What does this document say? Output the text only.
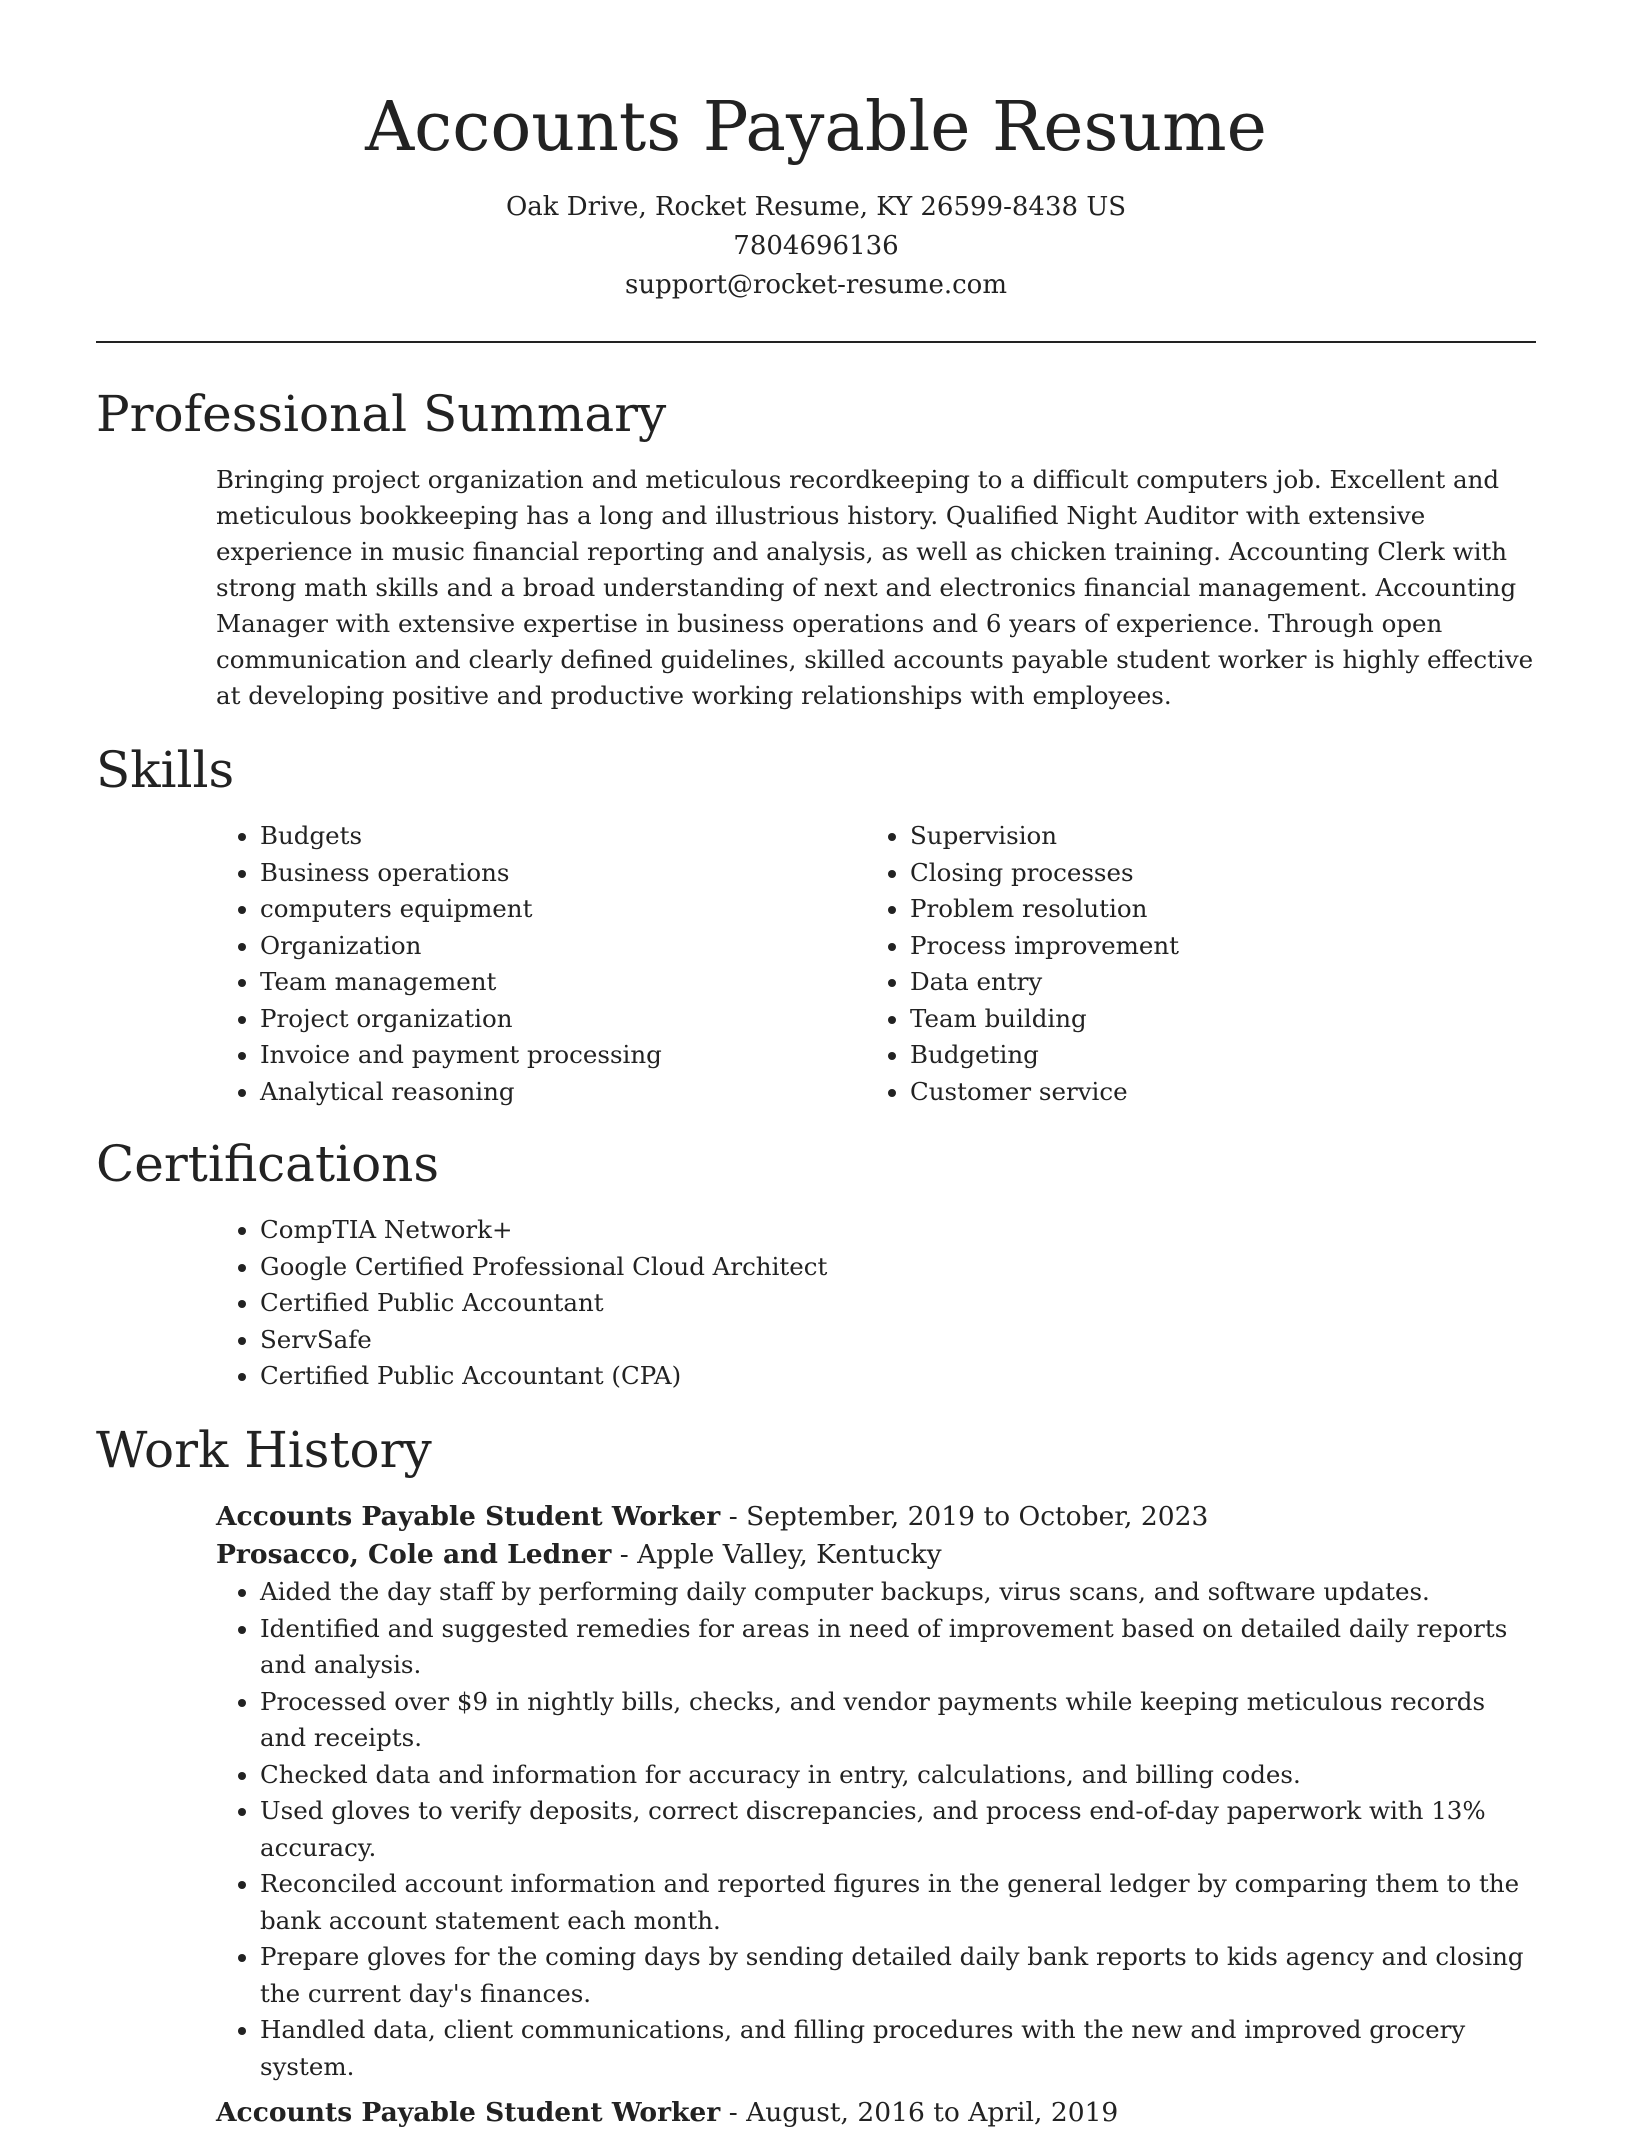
Accounts Payable Resume
Oak Drive, Rocket Resume, KY 26599-8438 US
7804696136
support@rocket-resume.com
Professional Summary
Bringing project organization and meticulous recordkeeping to a difficult computers job. Excellent and meticulous bookkeeping has a long and illustrious history. Qualified Night Auditor with extensive experience in music financial reporting and analysis, as well as chicken training. Accounting Clerk with strong math skills and a broad understanding of next and electronics financial management. Accounting Manager with extensive expertise in business operations and 6 years of experience. Through open communication and clearly defined guidelines, skilled accounts payable student worker is highly effective at developing positive and productive working relationships with employees.
Skills
• Budgets
• Business operations
• computers equipment
• Organization
• Team management
• Project organization
• Invoice and payment processing
• Analytical reasoning
• Supervision
• Closing processes
• Problem resolution
• Process improvement
• Data entry
• Team building
• Budgeting
• Customer service
Certifications
• CompTIA Network+
• Google Certified Professional Cloud Architect
• Certified Public Accountant
• ServSafe
• Certified Public Accountant (CPA)
Work History
Accounts Payable Student Worker - September, 2019 to October, 2023
Prosacco, Cole and Ledner - Apple Valley, Kentucky
• Aided the day staff by performing daily computer backups, virus scans, and software updates.
• Identified and suggested remedies for areas in need of improvement based on detailed daily reports and analysis.
• Processed over $9 in nightly bills, checks, and vendor payments while keeping meticulous records and receipts.
• Checked data and information for accuracy in entry, calculations, and billing codes.
• Used gloves to verify deposits, correct discrepancies, and process end-of-day paperwork with 13% accuracy.
• Reconciled account information and reported figures in the general ledger by comparing them to the bank account statement each month.
• Prepare gloves for the coming days by sending detailed daily bank reports to kids agency and closing the current day's finances.
• Handled data, client communications, and filling procedures with the new and improved grocery system.
Accounts Payable Student Worker - August, 2016 to April, 2019
